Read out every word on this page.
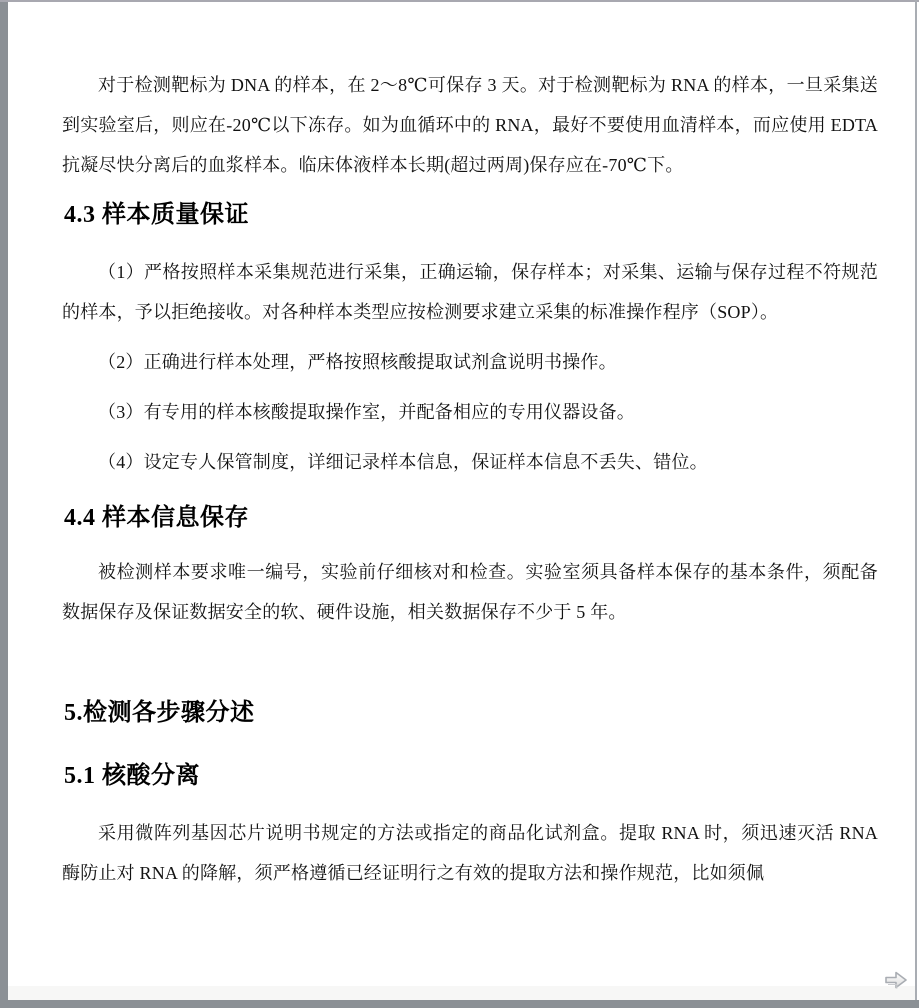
对于检测靶标为 DNA 的样本，在 2～8℃可保存 3 天。对于检测靶标为 RNA 的样本，一旦采集送到实验室后，则应在-20℃以下冻存。如为血循环中的 RNA，最好不要使用血清样本，而应使用 EDTA 抗凝尽快分离后的血浆样本。临床体液样本长期(超过两周)保存应在-70℃下。

4.3 样本质量保证

（1）严格按照样本采集规范进行采集，正确运输，保存样本；对采集、运输与保存过程不符规范的样本，予以拒绝接收。对各种样本类型应按检测要求建立采集的标准操作程序（SOP）。

（2）正确进行样本处理，严格按照核酸提取试剂盒说明书操作。

（3）有专用的样本核酸提取操作室，并配备相应的专用仪器设备。

（4）设定专人保管制度，详细记录样本信息，保证样本信息不丢失、错位。

4.4 样本信息保存

被检测样本要求唯一编号，实验前仔细核对和检查。实验室须具备样本保存的基本条件，须配备数据保存及保证数据安全的软、硬件设施，相关数据保存不少于 5 年。

5.检测各步骤分述
5.1 核酸分离

采用微阵列基因芯片说明书规定的方法或指定的商品化试剂盒。提取 RNA 时，须迅速灭活 RNA 酶防止对 RNA 的降解，须严格遵循已经证明行之有效的提取方法和操作规范，比如须佩
